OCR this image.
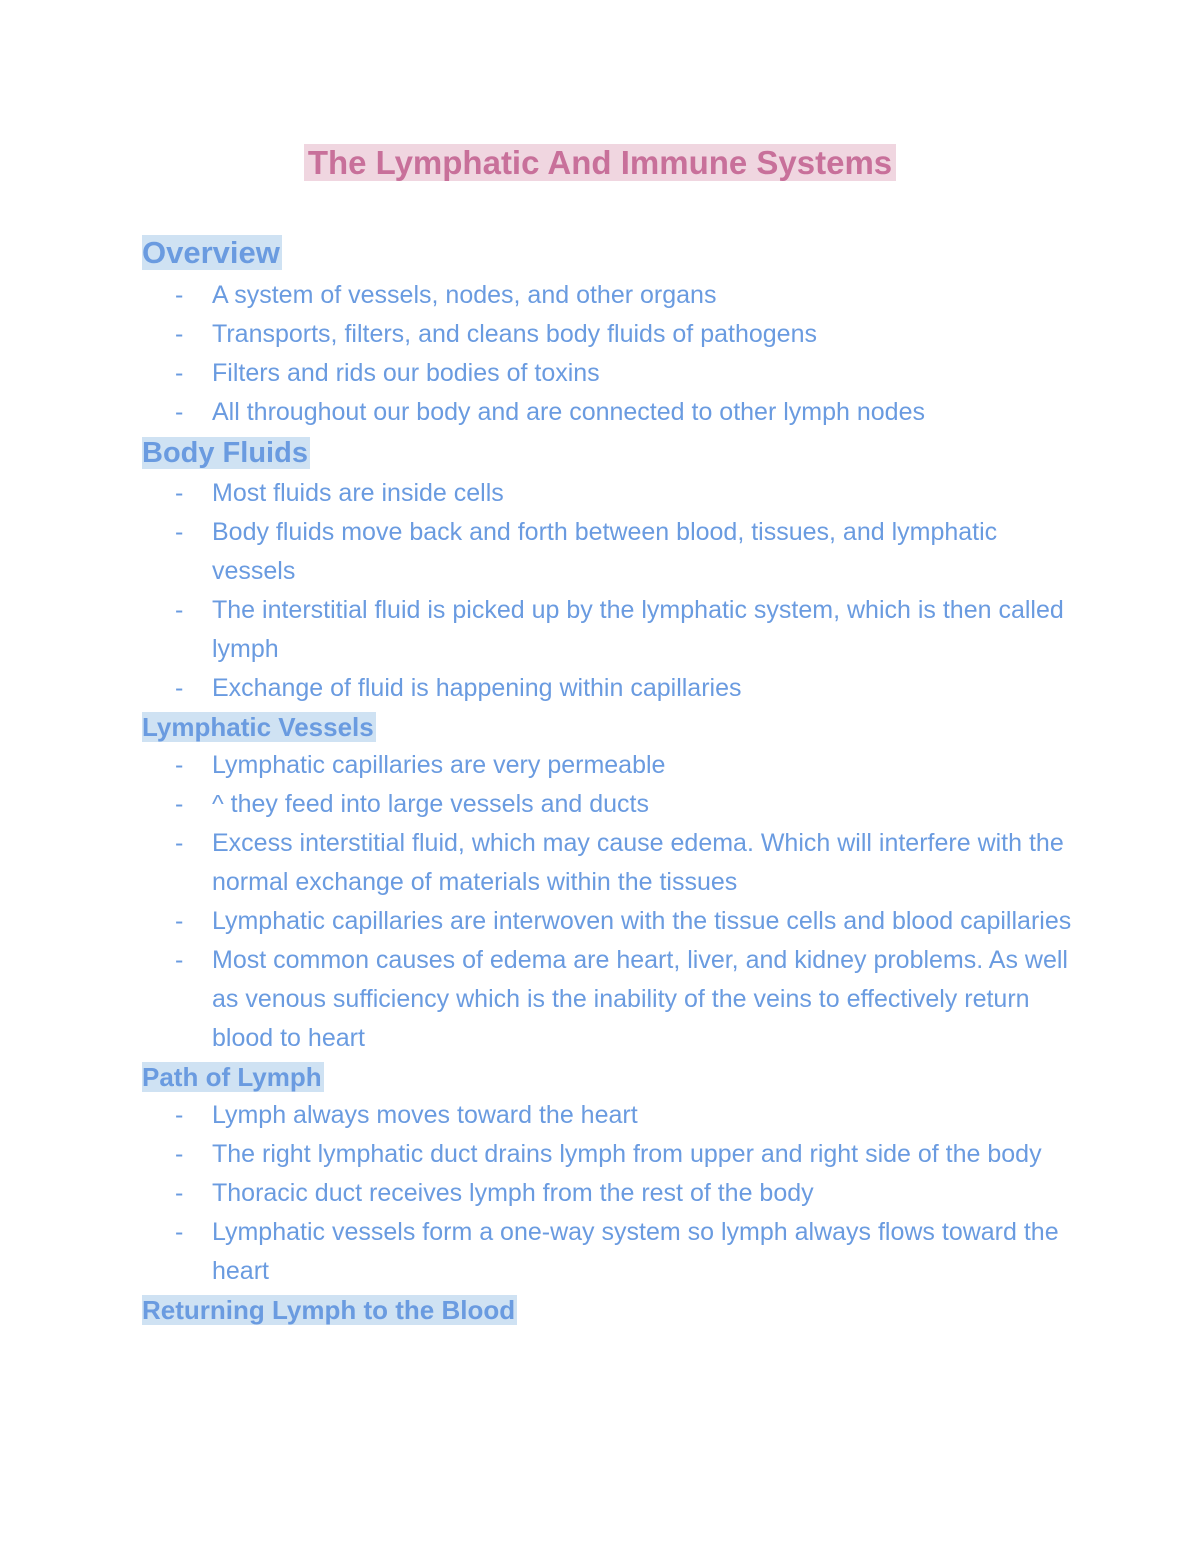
The Lymphatic And Immune Systems
Overview
- A system of vessels, nodes, and other organs
- Transports, filters, and cleans body fluids of pathogens
- Filters and rids our bodies of toxins
- All throughout our body and are connected to other lymph nodes
Body Fluids
- Most fluids are inside cells
- Body fluids move back and forth between blood, tissues, and lymphatic vessels
- The interstitial fluid is picked up by the lymphatic system, which is then called lymph
- Exchange of fluid is happening within capillaries
Lymphatic Vessels
- Lymphatic capillaries are very permeable
- ^ they feed into large vessels and ducts
- Excess interstitial fluid, which may cause edema. Which will interfere with the normal exchange of materials within the tissues
- Lymphatic capillaries are interwoven with the tissue cells and blood capillaries
- Most common causes of edema are heart, liver, and kidney problems. As well as venous sufficiency which is the inability of the veins to effectively return blood to heart
Path of Lymph
- Lymph always moves toward the heart
- The right lymphatic duct drains lymph from upper and right side of the body
- Thoracic duct receives lymph from the rest of the body
- Lymphatic vessels form a one-way system so lymph always flows toward the heart
Returning Lymph to the Blood
